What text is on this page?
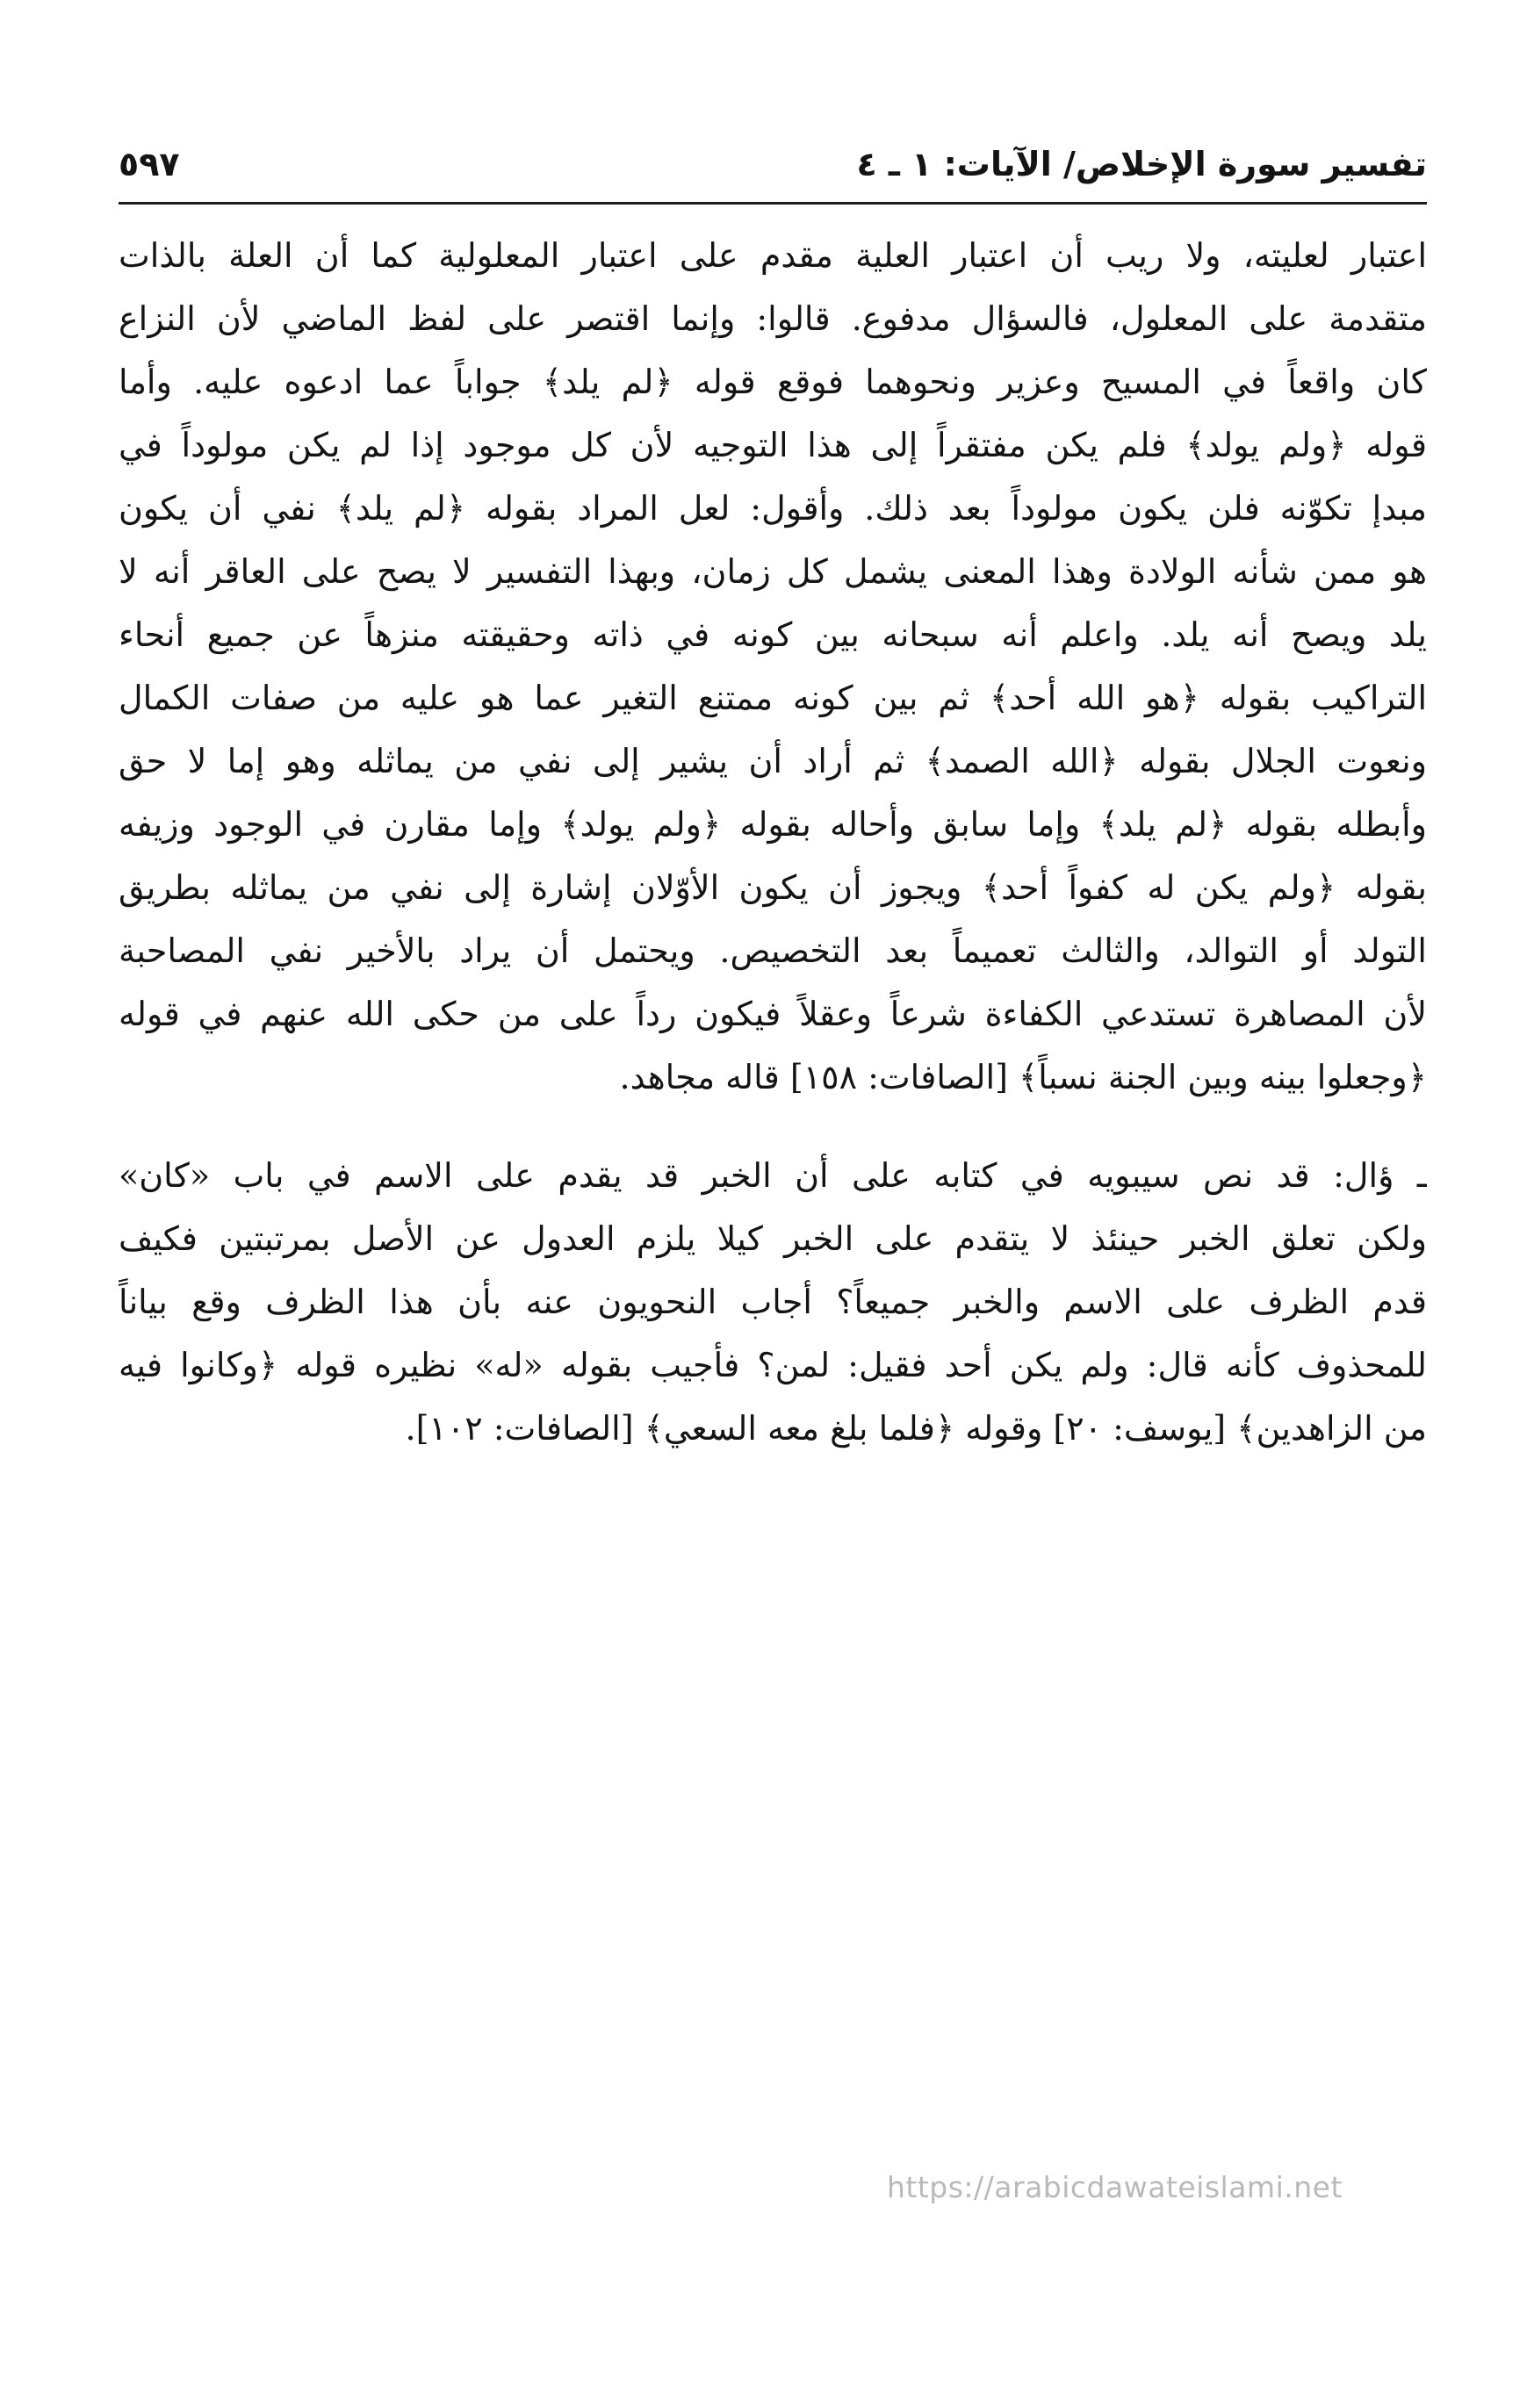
تفسير سورة الإخلاص/ الآيات: ١ ـ ٤
٥٩٧
اعتبار لعليته، ولا ريب أن اعتبار العلية مقدم على اعتبار المعلولية كما أن العلة بالذات
متقدمة على المعلول، فالسؤال مدفوع. قالوا: وإنما اقتصر على لفظ الماضي لأن النزاع
كان واقعاً في المسيح وعزير ونحوهما فوقع قوله ﴿لم يلد﴾ جواباً عما ادعوه عليه. وأما
قوله ﴿ولم يولد﴾ فلم يكن مفتقراً إلى هذا التوجيه لأن كل موجود إذا لم يكن مولوداً في
مبدإ تكوّنه فلن يكون مولوداً بعد ذلك. وأقول: لعل المراد بقوله ﴿لم يلد﴾ نفي أن يكون
هو ممن شأنه الولادة وهذا المعنى يشمل كل زمان، وبهذا التفسير لا يصح على العاقر أنه لا
يلد ويصح أنه يلد. واعلم أنه سبحانه بين كونه في ذاته وحقيقته منزهاً عن جميع أنحاء
التراكيب بقوله ﴿هو الله أحد﴾ ثم بين كونه ممتنع التغير عما هو عليه من صفات الكمال
ونعوت الجلال بقوله ﴿الله الصمد﴾ ثم أراد أن يشير إلى نفي من يماثله وهو إما لا حق
وأبطله بقوله ﴿لم يلد﴾ وإما سابق وأحاله بقوله ﴿ولم يولد﴾ وإما مقارن في الوجود وزيفه
بقوله ﴿ولم يكن له كفواً أحد﴾ ويجوز أن يكون الأوّلان إشارة إلى نفي من يماثله بطريق
التولد أو التوالد، والثالث تعميماً بعد التخصيص. ويحتمل أن يراد بالأخير نفي المصاحبة
لأن المصاهرة تستدعي الكفاءة شرعاً وعقلاً فيكون رداً على من حكى الله عنهم في قوله
﴿وجعلوا بينه وبين الجنة نسباً﴾ [الصافات: ١٥٨] قاله مجاهد.
ـ ؤال: قد نص سيبويه في كتابه على أن الخبر قد يقدم على الاسم في باب «كان»
ولكن تعلق الخبر حينئذ لا يتقدم على الخبر كيلا يلزم العدول عن الأصل بمرتبتين فكيف
قدم الظرف على الاسم والخبر جميعاً؟ أجاب النحويون عنه بأن هذا الظرف وقع بياناً
للمحذوف كأنه قال: ولم يكن أحد فقيل: لمن؟ فأجيب بقوله «له» نظيره قوله ﴿وكانوا فيه
من الزاهدين﴾ [يوسف: ٢٠] وقوله ﴿فلما بلغ معه السعي﴾ [الصافات: ١٠٢].
https://arabicdawateislami.net
